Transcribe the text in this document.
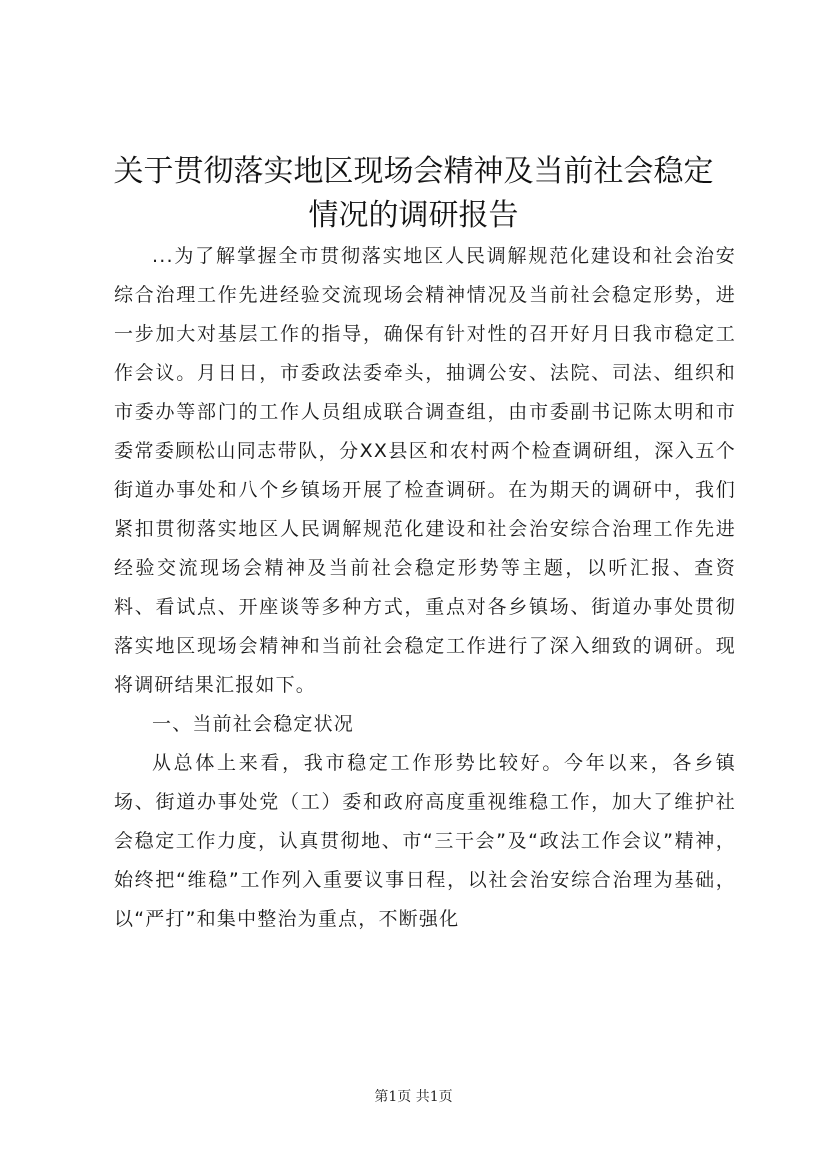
关于贯彻落实地区现场会精神及当前社会稳定
情况的调研报告

...为了解掌握全市贯彻落实地区人民调解规范化建设和社会治安综合治理工作先进经验交流现场会精神情况及当前社会稳定形势，进一步加大对基层工作的指导，确保有针对性的召开好月日我市稳定工作会议。月日日，市委政法委牵头，抽调公安、法院、司法、组织和市委办等部门的工作人员组成联合调查组，由市委副书记陈太明和市委常委顾松山同志带队，分XX县区和农村两个检查调研组，深入五个街道办事处和八个乡镇场开展了检查调研。在为期天的调研中，我们紧扣贯彻落实地区人民调解规范化建设和社会治安综合治理工作先进经验交流现场会精神及当前社会稳定形势等主题，以听汇报、查资料、看试点、开座谈等多种方式，重点对各乡镇场、街道办事处贯彻落实地区现场会精神和当前社会稳定工作进行了深入细致的调研。现将调研结果汇报如下。

一、当前社会稳定状况

从总体上来看，我市稳定工作形势比较好。今年以来，各乡镇场、街道办事处党（工）委和政府高度重视维稳工作，加大了维护社会稳定工作力度，认真贯彻地、市“三干会”及“政法工作会议”精神，始终把“维稳”工作列入重要议事日程，以社会治安综合治理为基础，以“严打”和集中整治为重点，不断强化

第1页 共1页
